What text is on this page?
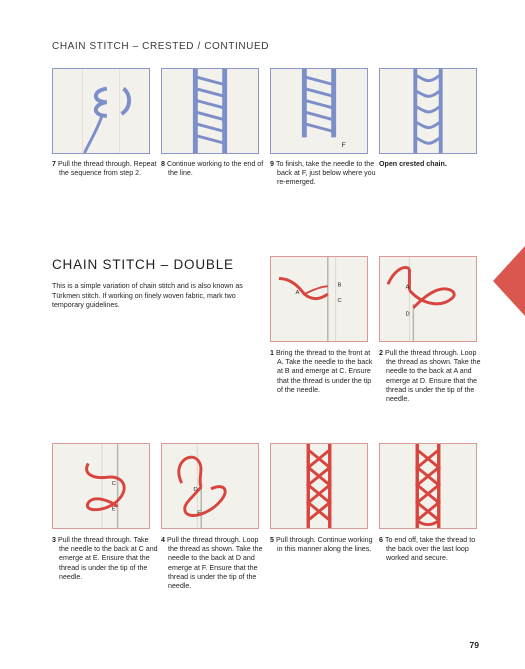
CHAIN STITCH – CRESTED / CONTINUED
F
7 Pull the thread through. Repeat the sequence from step 2.
8 Continue working to the end of the line.
9 To finish, take the needle to the back at F, just below where you re-emerged.
Open crested chain.
CHAIN STITCH – DOUBLE
This is a simple variation of chain stitch and is also known as Türkmen stitch. If working on finely woven fabric, mark two temporary guidelines.
A
B
C
A
D
1 Bring the thread to the front at A. Take the needle to the back at B and emerge at C. Ensure that the thread is under the tip of the needle.
2 Pull the thread through. Loop the thread as shown. Take the needle to the back at A and emerge at D. Ensure that the thread is under the tip of the needle.
C
E
D
F
3 Pull the thread through. Take the needle to the back at C and emerge at E. Ensure that the thread is under the tip of the needle.
4 Pull the thread through. Loop the thread as shown. Take the needle to the back at D and emerge at F. Ensure that the thread is under the tip of the needle.
5 Pull through. Continue working in this manner along the lines.
6 To end off, take the thread to the back over the last loop worked and secure.
79
